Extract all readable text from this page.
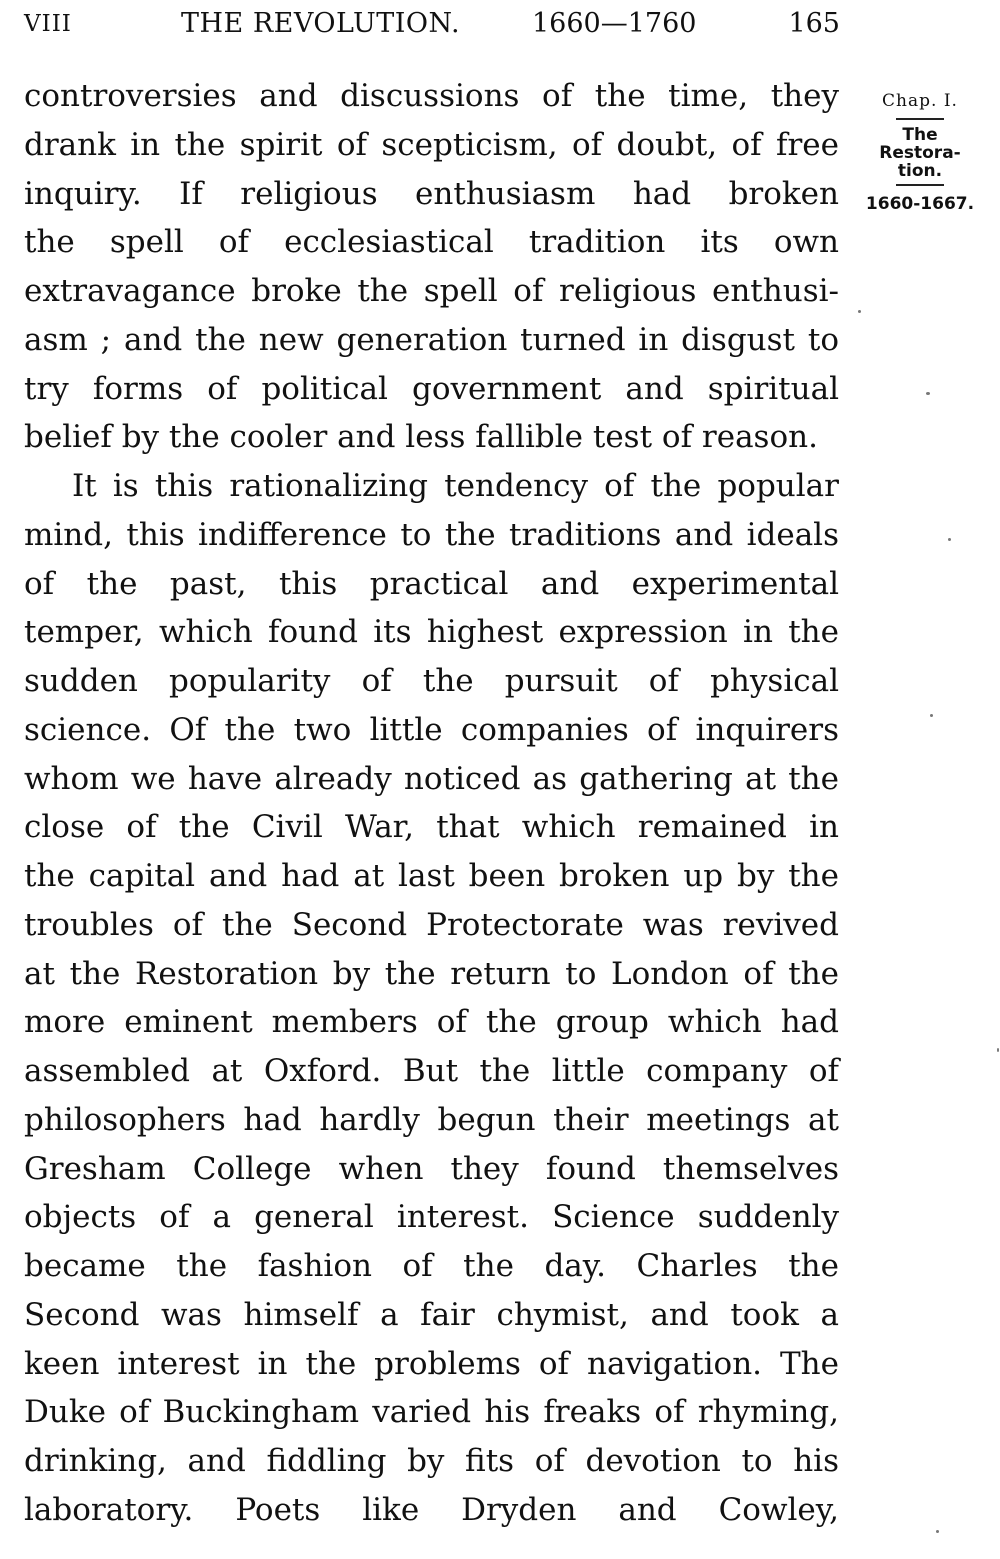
VIII	THE REVOLUTION.	1660—1760	165
controversies and discussions of the time, they
drank in the spirit of scepticism, of doubt, of free
inquiry. If religious enthusiasm had broken
the spell of ecclesiastical tradition its own
extravagance broke the spell of religious enthusi-
asm ; and the new generation turned in disgust to
try forms of political government and spiritual
belief by the cooler and less fallible test of reason.
It is this rationalizing tendency of the popular
mind, this indifference to the traditions and ideals
of the past, this practical and experimental
temper, which found its highest expression in the
sudden popularity of the pursuit of physical
science. Of the two little companies of inquirers
whom we have already noticed as gathering at the
close of the Civil War, that which remained in
the capital and had at last been broken up by the
troubles of the Second Protectorate was revived
at the Restoration by the return to London of the
more eminent members of the group which had
assembled at Oxford. But the little company of
philosophers had hardly begun their meetings at
Gresham College when they found themselves
objects of a general interest. Science suddenly
became the fashion of the day. Charles the
Second was himself a fair chymist, and took a
keen interest in the problems of navigation. The
Duke of Buckingham varied his freaks of rhyming,
drinking, and fiddling by fits of devotion to his
laboratory. Poets like Dryden and Cowley,
Chap. I.
The
Restora-
tion.
1660-1667.
